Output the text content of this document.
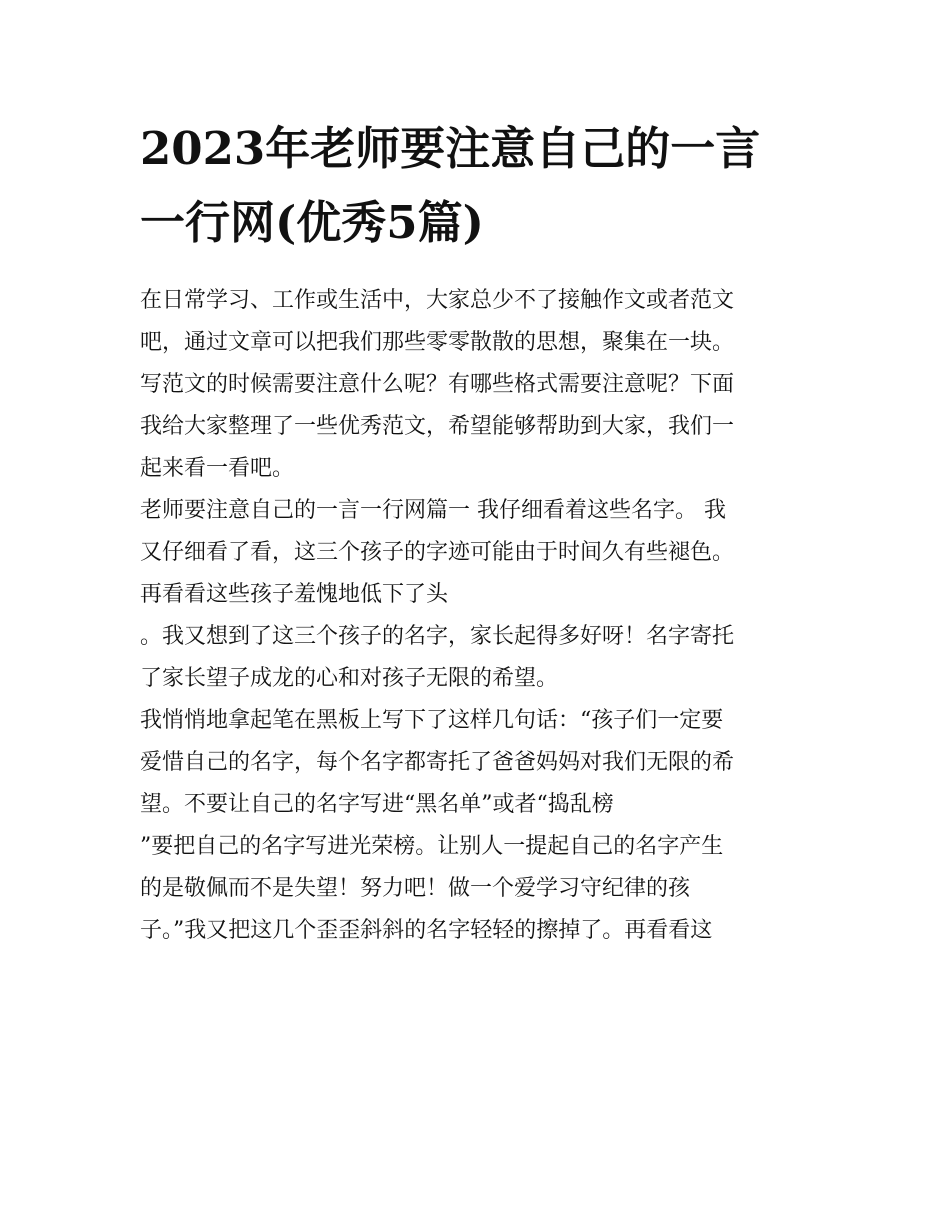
2023年老师要注意自己的一言
一行网(优秀5篇)
在日常学习、工作或生活中，大家总少不了接触作文或者范文
吧，通过文章可以把我们那些零零散散的思想，聚集在一块。
写范文的时候需要注意什么呢？有哪些格式需要注意呢？下面
我给大家整理了一些优秀范文，希望能够帮助到大家，我们一
起来看一看吧。
老师要注意自己的一言一行网篇一 我仔细看着这些名字。 我
又仔细看了看，这三个孩子的字迹可能由于时间久有些褪色。
再看看这些孩子羞愧地低下了头
。我又想到了这三个孩子的名字，家长起得多好呀！名字寄托
了家长望子成龙的心和对孩子无限的希望。
我悄悄地拿起笔在黑板上写下了这样几句话：“孩子们一定要
爱惜自己的名字，每个名字都寄托了爸爸妈妈对我们无限的希
望。不要让自己的名字写进“黑名单”或者“捣乱榜
”要把自己的名字写进光荣榜。让别人一提起自己的名字产生
的是敬佩而不是失望！努力吧！做一个爱学习守纪律的孩
子。”我又把这几个歪歪斜斜的名字轻轻的擦掉了。再看看这
